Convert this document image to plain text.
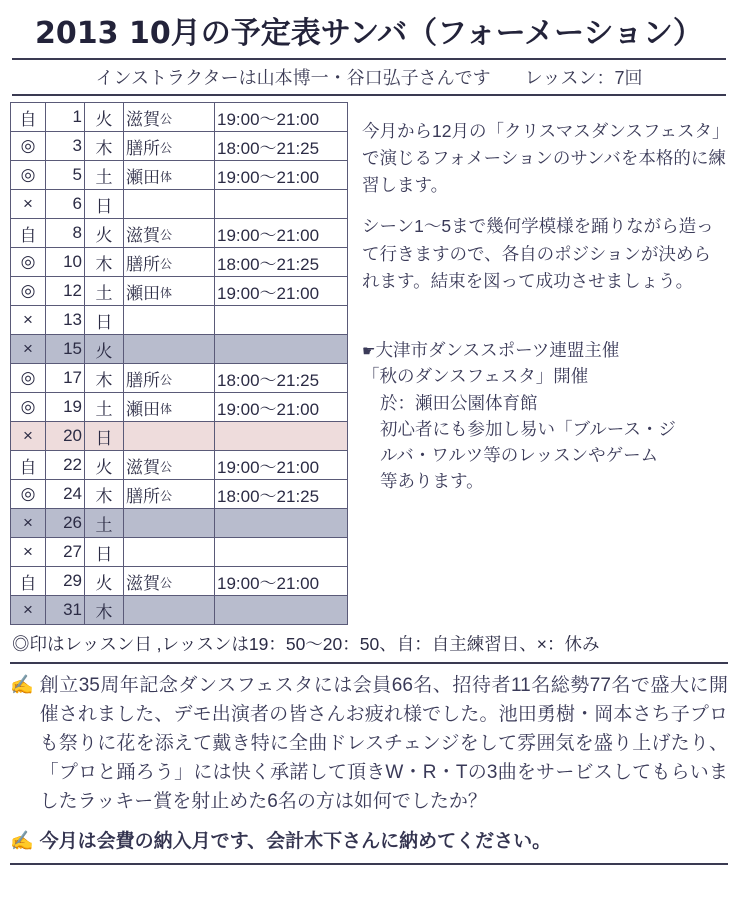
2013 10月の予定表サンバ（フォーメーション）
インストラクターは山本博一・谷口弘子さんです レッスン：7回
自	1	火	滋賀公	19:00〜21:00
◎	3	木	膳所公	18:00〜21:25
◎	5	土	瀬田体	19:00〜21:00
×	6	日		
自	8	火	滋賀公	19:00〜21:00
◎	10	木	膳所公	18:00〜21:25
◎	12	土	瀬田体	19:00〜21:00
×	13	日		
×	15	火		
◎	17	木	膳所公	18:00〜21:25
◎	19	土	瀬田体	19:00〜21:00
×	20	日		
自	22	火	滋賀公	19:00〜21:00
◎	24	木	膳所公	18:00〜21:25
×	26	土		
×	27	日		
自	29	火	滋賀公	19:00〜21:00
×	31	木		

今月から12月の「クリスマスダンスフェスタ」で演じるフォメーションのサンバを本格的に練習します。

シーン1〜5まで幾何学模様を踊りながら造って行きますので、各自のポジションが決められます。結束を図って成功させましょう。

☛大津市ダンススポーツ連盟主催

「秋のダンスフェスタ」開催

於：瀬田公園体育館

初心者にも参加し易い「ブルース・ジ

ルバ・ワルツ等のレッスンやゲーム

等あります。

◎印はレッスン日 ,レッスンは19：50〜20：50、自：自主練習日、×：休み
✍ 創立35周年記念ダンスフェスタには会員66名、招待者11名総勢77名で盛大に開催されました、デモ出演者の皆さんお疲れ様でした。池田勇樹・岡本さち子プロも祭りに花を添えて戴き特に全曲ドレスチェンジをして雰囲気を盛り上げたり、「プロと踊ろう」には快く承諾して頂きW・R・Tの3曲をサービスしてもらいましたラッキー賞を射止めた6名の方は如何でしたか？
✍ 今月は会費の納入月です、会計木下さんに納めてください。
